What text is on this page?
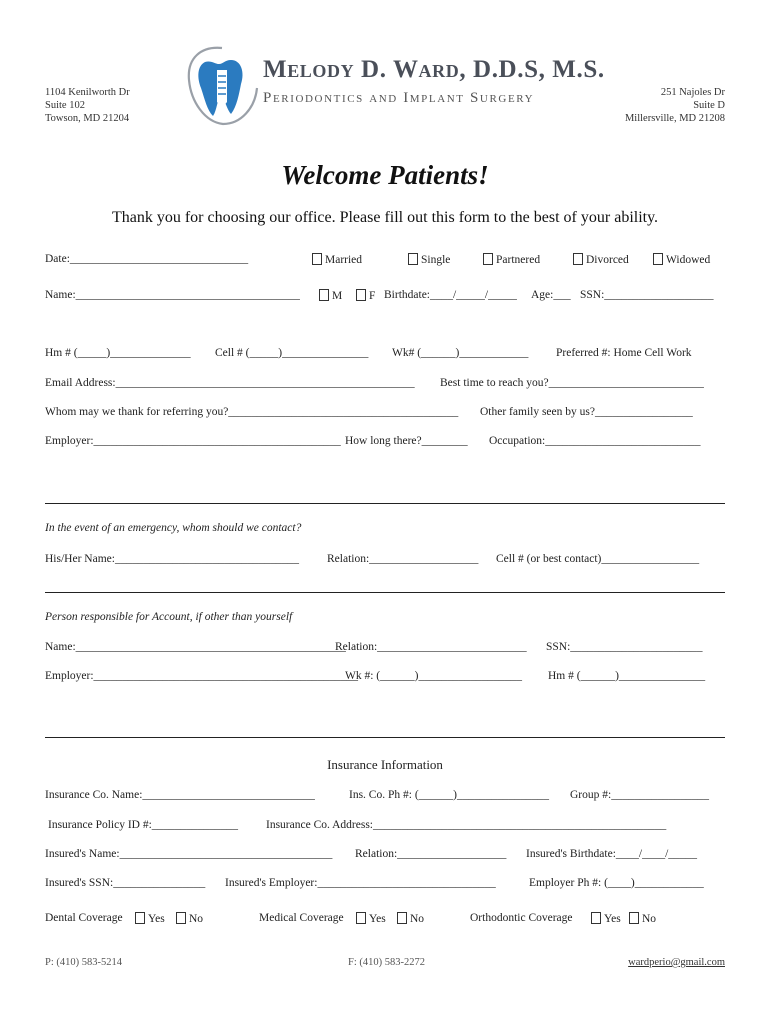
1104 Kenilworth Dr
Suite 102
Towson, MD 21204
251 Najoles Dr
Suite D
Millersville, MD 21208
Melody D. Ward, D.D.S, M.S.
Periodontics and Implant Surgery
Welcome Patients!
Thank you for choosing our office. Please fill out this form to the best of your ability.
Date:_______________________________	Married	Single	Partnered	Divorced	Widowed
Name:_______________________________________	M	F Birthdate:____/_____/_____ Age:___ SSN:___________________
Hm # (_____)______________ Cell # (_____)_______________ Wk# (______)____________ Preferred #: Home Cell Work
Email Address:____________________________________________________ Best time to reach you?___________________________
Whom may we thank for referring you?________________________________________ Other family seen by us?_________________
Employer:___________________________________________ How long there?________ Occupation:___________________________
In the event of an emergency, whom should we contact?
His/Her Name:________________________________ Relation:___________________ Cell # (or best contact)_________________
Person responsible for Account, if other than yourself
Name:_______________________________________________
Relation:__________________________ SSN:_______________________
Employer:______________________________________________
Wk #: (______)__________________ Hm # (______)_______________
Insurance Information
Insurance Co. Name:______________________________	Ins. Co. Ph #: (______)________________ Group #:_________________
Insurance Policy ID #:_______________ Insurance Co. Address:___________________________________________________
Insured's Name:_____________________________________ Relation:___________________ Insured's Birthdate:____/____/_____
Insured's SSN:________________ Insured's Employer:_______________________________	Employer Ph #: (____)____________
Dental Coverage	Yes	No	Medical Coverage	Yes	No	Orthodontic Coverage	Yes	No
P: (410) 583-5214	F: (410) 583-2272	wardperio@gmail.com
